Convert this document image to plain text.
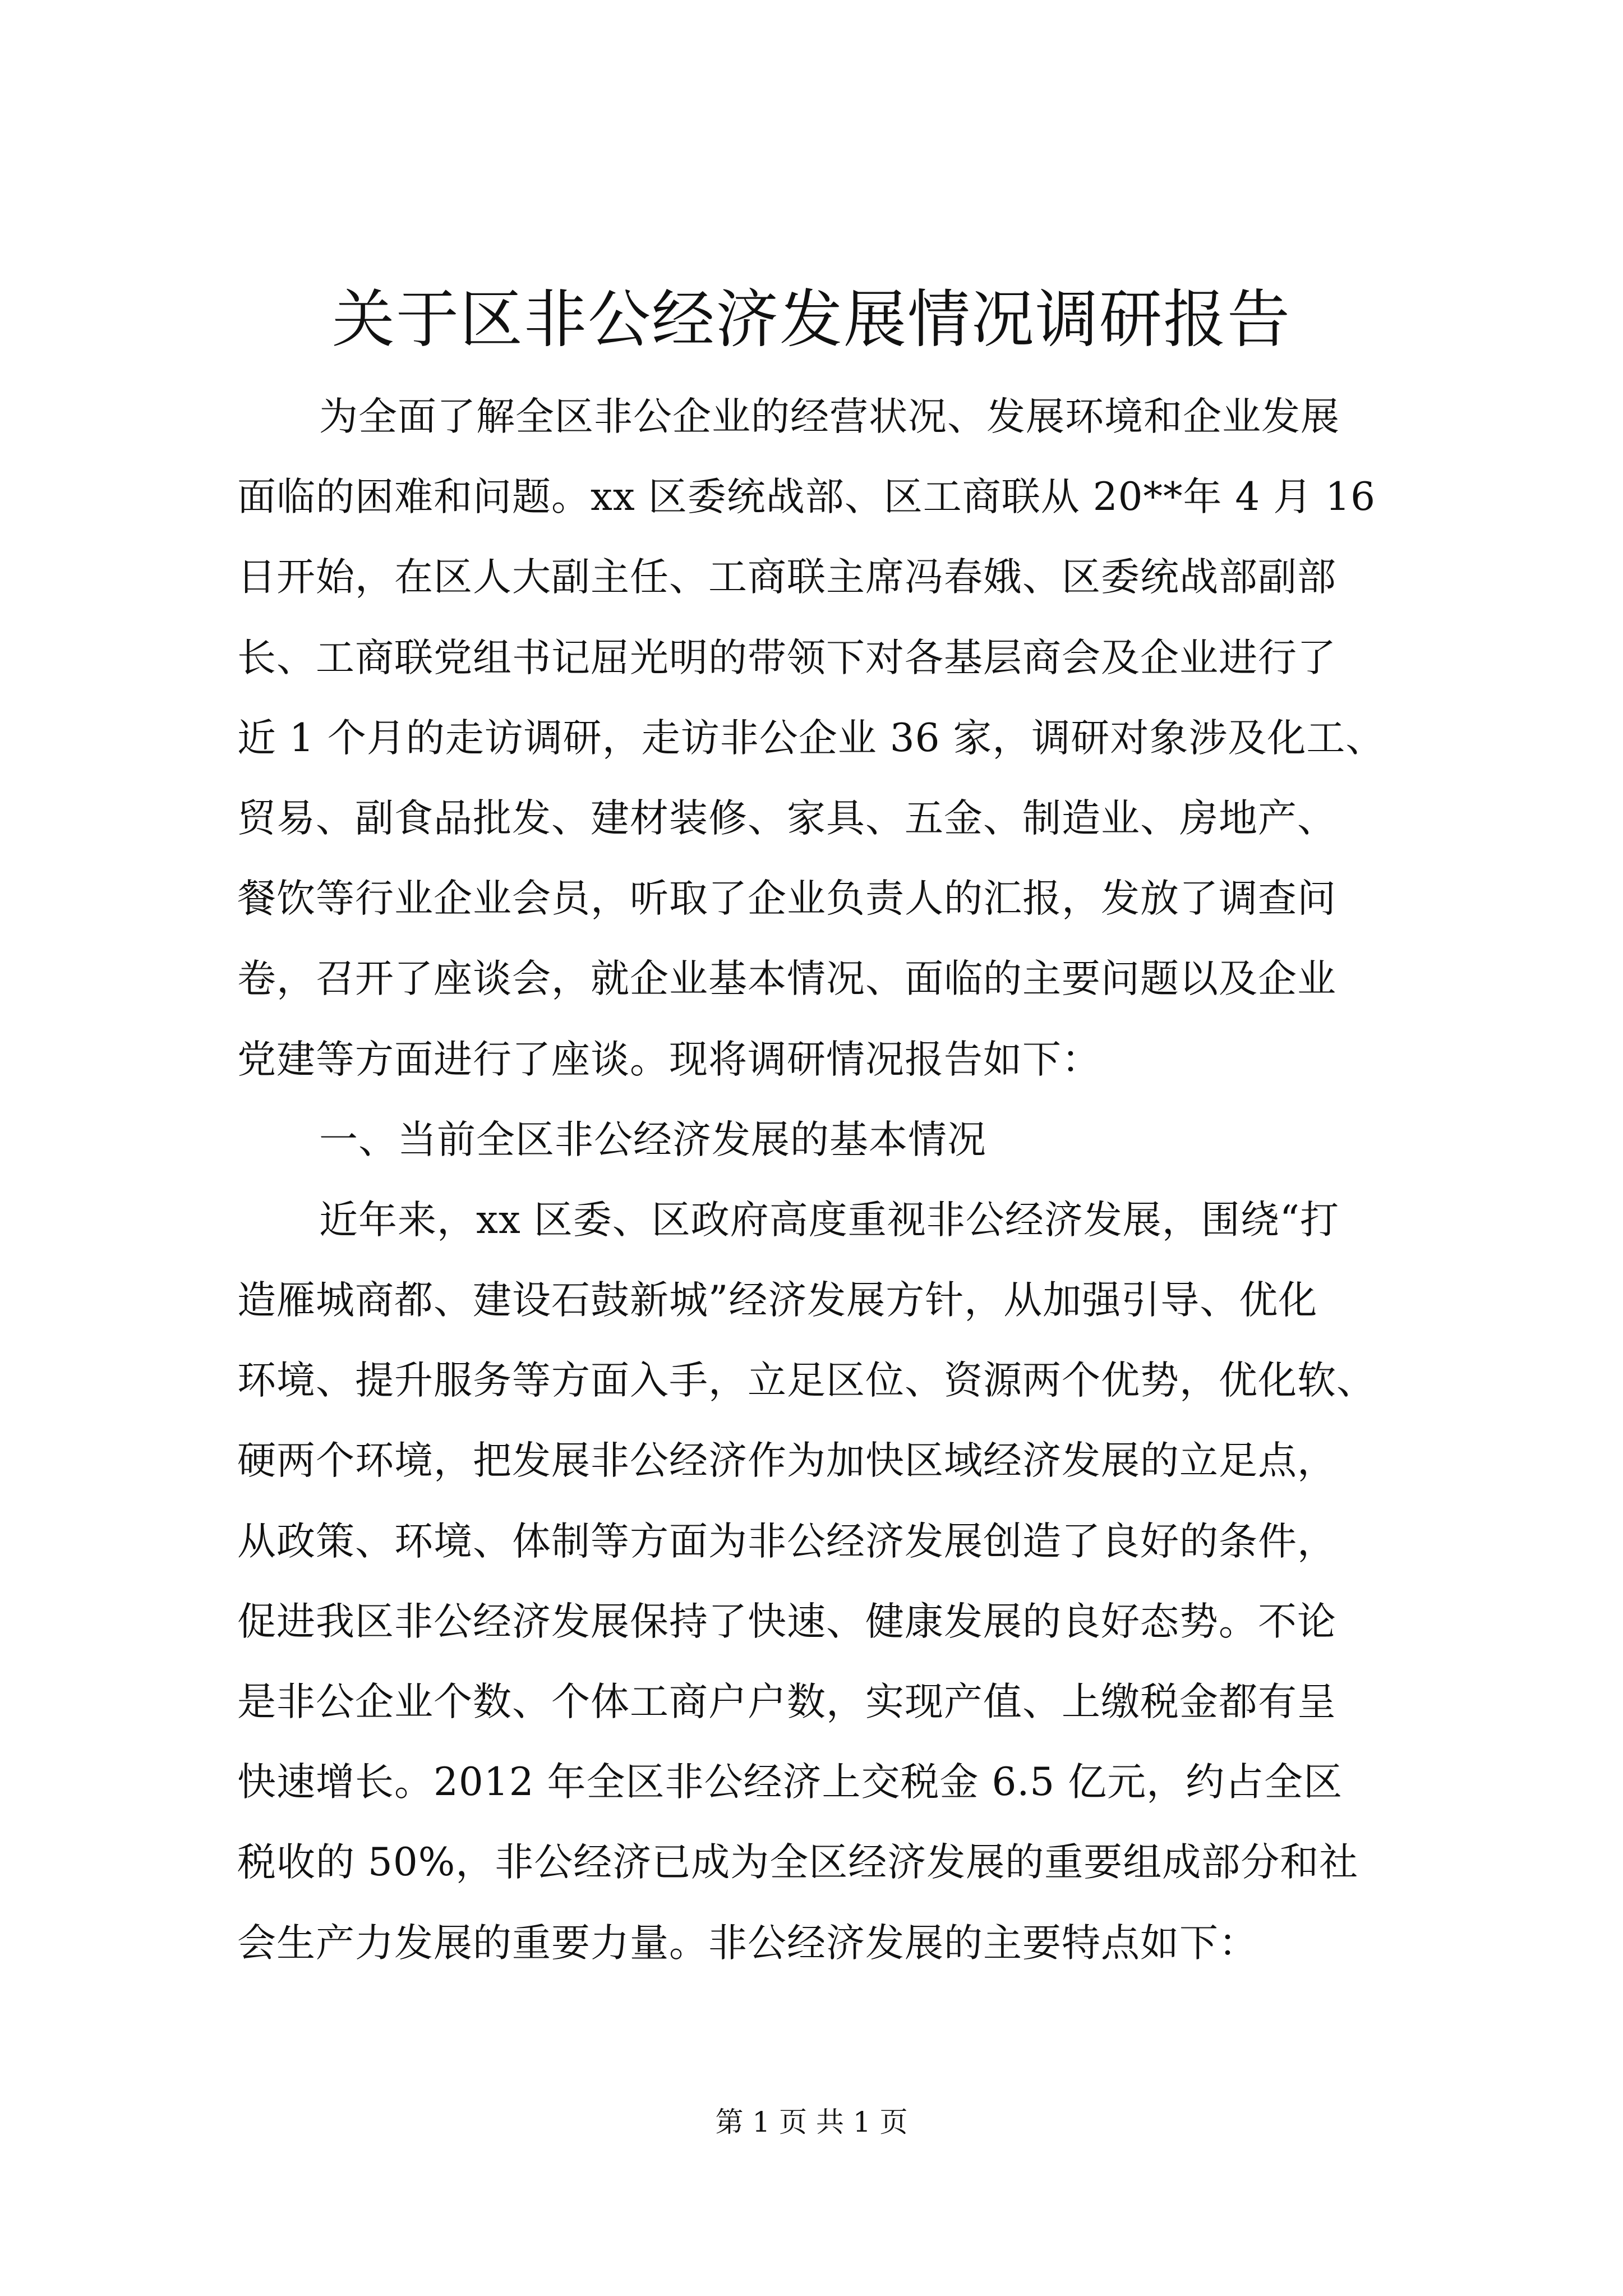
关于区非公经济发展情况调研报告
为全面了解全区非公企业的经营状况、发展环境和企业发展
面临的困难和问题。xx 区委统战部、区工商联从 20**年 4 月 16
日开始，在区人大副主任、工商联主席冯春娥、区委统战部副部
长、工商联党组书记屈光明的带领下对各基层商会及企业进行了
近 1 个月的走访调研，走访非公企业 36 家，调研对象涉及化工、
贸易、副食品批发、建材装修、家具、五金、制造业、房地产、
餐饮等行业企业会员，听取了企业负责人的汇报，发放了调查问
卷，召开了座谈会，就企业基本情况、面临的主要问题以及企业
党建等方面进行了座谈。现将调研情况报告如下：
一、当前全区非公经济发展的基本情况
近年来，xx 区委、区政府高度重视非公经济发展，围绕“打
造雁城商都、建设石鼓新城”经济发展方针，从加强引导、优化
环境、提升服务等方面入手，立足区位、资源两个优势，优化软、
硬两个环境，把发展非公经济作为加快区域经济发展的立足点，
从政策、环境、体制等方面为非公经济发展创造了良好的条件，
促进我区非公经济发展保持了快速、健康发展的良好态势。不论
是非公企业个数、个体工商户户数，实现产值、上缴税金都有呈
快速增长。2012 年全区非公经济上交税金 6.5 亿元，约占全区
税收的 50%，非公经济已成为全区经济发展的重要组成部分和社
会生产力发展的重要力量。非公经济发展的主要特点如下：
第 1 页 共 1 页
